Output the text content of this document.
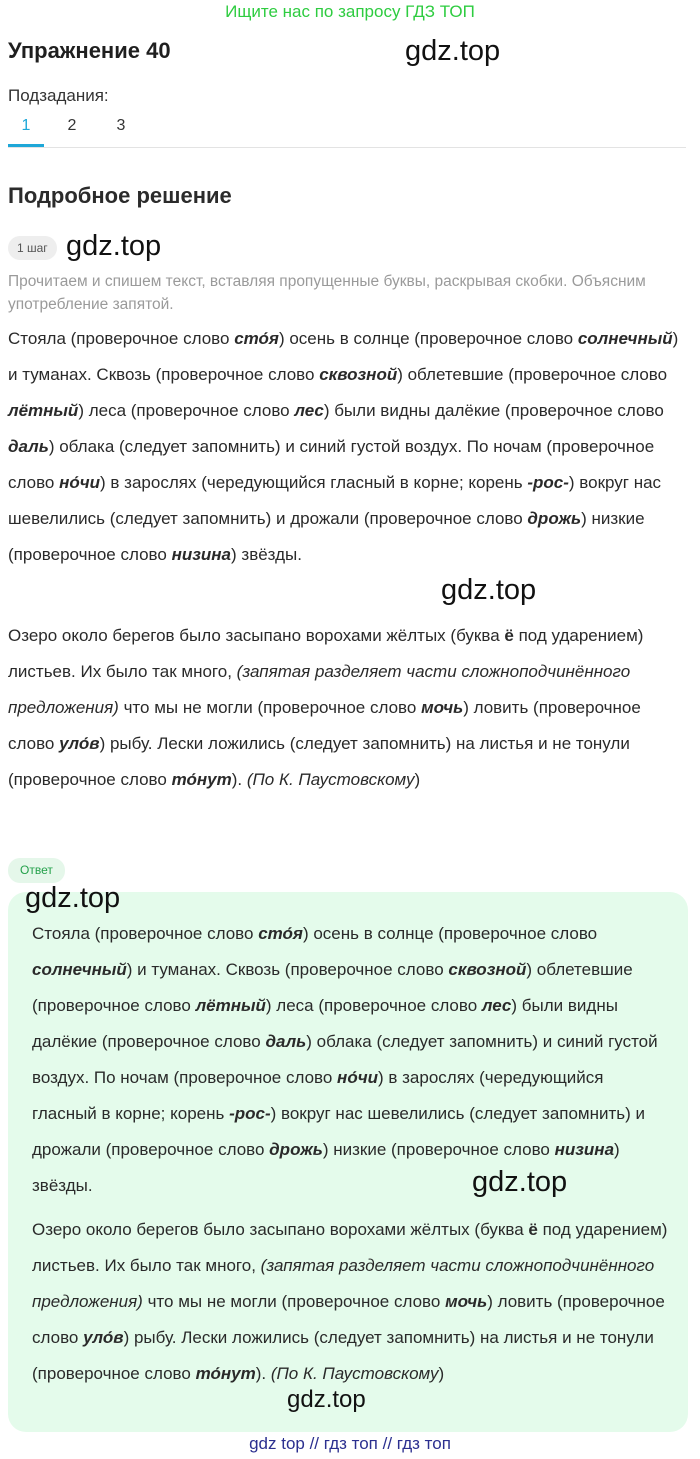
Ищите нас по запросу ГДЗ ТОП
Упражнение 40	gdz.top
Подзадания:
1	2	3
Подробное решение
1 шаг gdz.top

Прочитаем и спишем текст, вставляя пропущенные буквы, раскрывая скобки. Объясним употребление запятой.

Стояла (проверочное слово сто́я) осень в солнце (проверочное слово солнечный) и туманах. Сквозь (проверочное слово сквозной) облетевшие (проверочное слово лётный) леса (проверочное слово лес) были видны далёкие (проверочное слово даль) облака (следует запомнить) и синий густой воздух. По ночам (проверочное слово но́чи) в зарослях (чередующийся гласный в корне; корень -рос-) вокруг нас шевелились (следует запомнить) и дрожали (проверочное слово дрожь) низкие (проверочное слово низина) звёзды.

gdz.top

Озеро около берегов было засыпано ворохами жёлтых (буква ё под ударением) листьев. Их было так много, (запятая разделяет части сложноподчинённого предложения) что мы не могли (проверочное слово мочь) ловить (проверочное слово уло́в) рыбу. Лески ложились (следует запомнить) на листья и не тонули (проверочное слово то́нут). (По К. Паустовскому)

Ответ
gdz.top

Стояла (проверочное слово сто́я) осень в солнце (проверочное слово солнечный) и туманах. Сквозь (проверочное слово сквозной) облетевшие (проверочное слово лётный) леса (проверочное слово лес) были видны далёкие (проверочное слово даль) облака (следует запомнить) и синий густой воздух. По ночам (проверочное слово но́чи) в зарослях (чередующийся гласный в корне; корень -рос-) вокруг нас шевелились (следует запомнить) и дрожали (проверочное слово дрожь) низкие (проверочное слово низина) звёзды.	gdz.top

Озеро около берегов было засыпано ворохами жёлтых (буква ё под ударением) листьев. Их было так много, (запятая разделяет части сложноподчинённого предложения) что мы не могли (проверочное слово мочь) ловить (проверочное слово уло́в) рыбу. Лески ложились (следует запомнить) на листья и не тонули (проверочное слово то́нут). (По К. Паустовскому)

gdz.top
gdz top // гдз топ // гдз топ
